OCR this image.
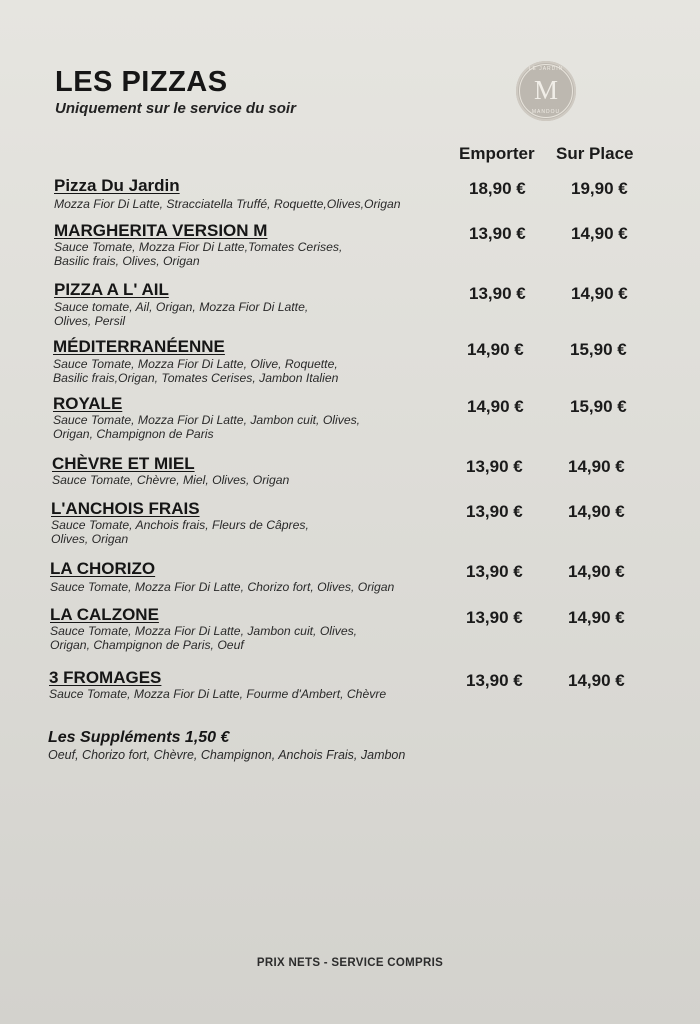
LES PIZZAS
Uniquement sur le service du soir
LE JARDIN
M
MANDOU
Emporter Sur Place
Pizza Du Jardin
Mozza Fior Di Latte, Stracciatella Truffé, Roquette,Olives,Origan
18,90 €	19,90 €
MARGHERITA VERSION M
Sauce Tomate, Mozza Fior Di Latte,Tomates Cerises,
Basilic frais, Olives, Origan
13,90 €	14,90 €
PIZZA A L' AIL
Sauce tomate, Ail, Origan, Mozza Fior Di Latte,
Olives, Persil
13,90 €	14,90 €
MÉDITERRANÉENNE
Sauce Tomate, Mozza Fior Di Latte, Olive, Roquette,
Basilic frais,Origan, Tomates Cerises, Jambon Italien
14,90 €	15,90 €
ROYALE
Sauce Tomate, Mozza Fior Di Latte, Jambon cuit, Olives,
Origan, Champignon de Paris
14,90 €	15,90 €
CHÈVRE ET MIEL
Sauce Tomate, Chèvre, Miel, Olives, Origan
13,90 €	14,90 €
L'ANCHOIS FRAIS
Sauce Tomate, Anchois frais, Fleurs de Câpres,
Olives, Origan
13,90 €	14,90 €
LA CHORIZO
Sauce Tomate, Mozza Fior Di Latte, Chorizo fort, Olives, Origan
13,90 €	14,90 €
LA CALZONE
Sauce Tomate, Mozza Fior Di Latte, Jambon cuit, Olives,
Origan, Champignon de Paris, Oeuf
13,90 €	14,90 €
3 FROMAGES
Sauce Tomate, Mozza Fior Di Latte, Fourme d'Ambert, Chèvre
13,90 €	14,90 €
Les Suppléments 1,50 €
Oeuf, Chorizo fort, Chèvre, Champignon, Anchois Frais, Jambon
PRIX NETS - SERVICE COMPRIS
